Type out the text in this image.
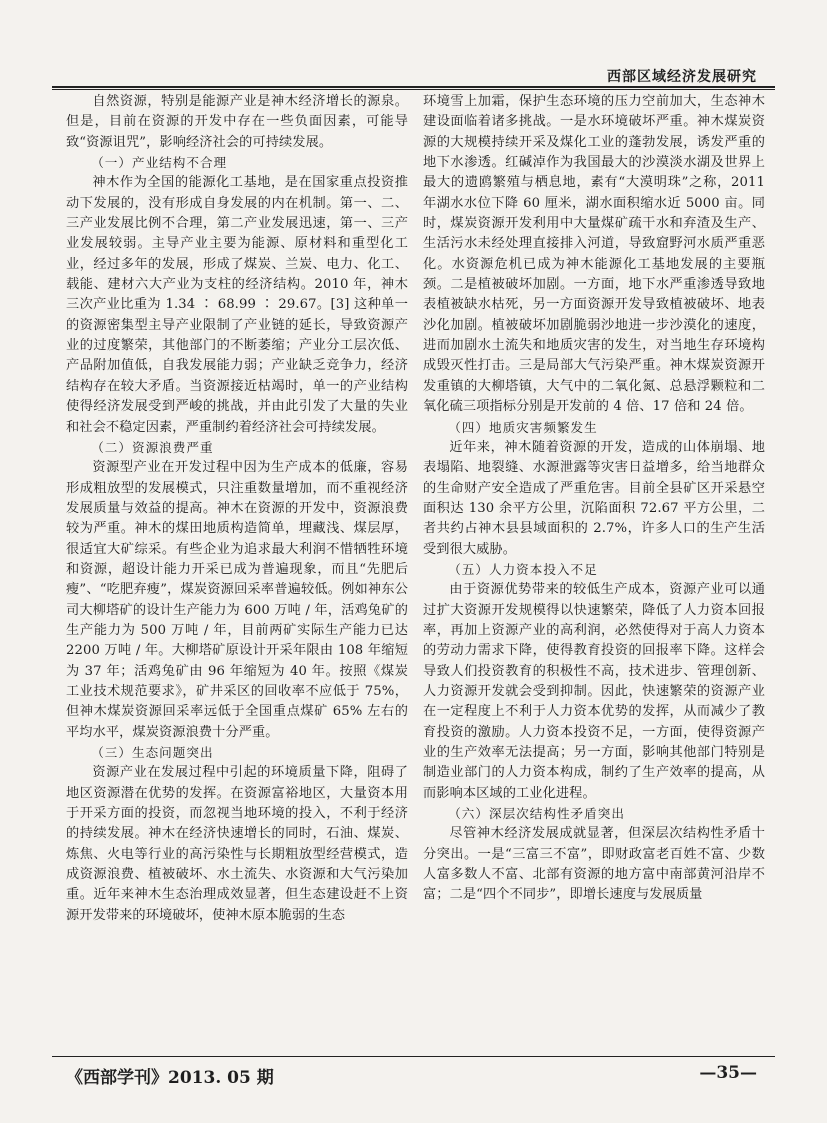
西部区域经济发展研究

自然资源，特别是能源产业是神木经济增长的源泉。但是，目前在资源的开发中存在一些负面因素，可能导致“资源诅咒”，影响经济社会的可持续发展。

（一）产业结构不合理

神木作为全国的能源化工基地，是在国家重点投资推动下发展的，没有形成自身发展的内在机制。第一、二、三产业发展比例不合理，第二产业发展迅速，第一、三产业发展较弱。主导产业主要为能源、原材料和重型化工业，经过多年的发展，形成了煤炭、兰炭、电力、化工、载能、建材六大产业为支柱的经济结构。2010 年，神木三次产业比重为 1.34 ∶ 68.99 ∶ 29.67。[3] 这种单一的资源密集型主导产业限制了产业链的延长，导致资源产业的过度繁荣，其他部门的不断萎缩；产业分工层次低、产品附加值低，自我发展能力弱；产业缺乏竞争力，经济结构存在较大矛盾。当资源接近枯竭时，单一的产业结构使得经济发展受到严峻的挑战，并由此引发了大量的失业和社会不稳定因素，严重制约着经济社会可持续发展。

（二）资源浪费严重

资源型产业在开发过程中因为生产成本的低廉，容易形成粗放型的发展模式，只注重数量增加，而不重视经济发展质量与效益的提高。神木在资源的开发中，资源浪费较为严重。神木的煤田地质构造简单，埋藏浅、煤层厚，很适宜大矿综采。有些企业为追求最大利润不惜牺牲环境和资源，超设计能力开采已成为普遍现象，而且“先肥后瘦”、“吃肥弃瘦”，煤炭资源回采率普遍较低。例如神东公司大柳塔矿的设计生产能力为 600 万吨 / 年，活鸡兔矿的生产能力为 500 万吨 / 年，目前两矿实际生产能力已达 2200 万吨 / 年。大柳塔矿原设计开采年限由 108 年缩短为 37 年；活鸡兔矿由 96 年缩短为 40 年。按照《煤炭工业技术规范要求》，矿井采区的回收率不应低于 75%，但神木煤炭资源回采率远低于全国重点煤矿 65% 左右的平均水平，煤炭资源浪费十分严重。

（三）生态问题突出

资源产业在发展过程中引起的环境质量下降，阻碍了地区资源潜在优势的发挥。在资源富裕地区，大量资本用于开采方面的投资，而忽视当地环境的投入，不利于经济的持续发展。神木在经济快速增长的同时，石油、煤炭、炼焦、火电等行业的高污染性与长期粗放型经营模式，造成资源浪费、植被破坏、水土流失、水资源和大气污染加重。近年来神木生态治理成效显著，但生态建设赶不上资源开发带来的环境破坏，使神木原本脆弱的生态

环境雪上加霜，保护生态环境的压力空前加大，生态神木建设面临着诸多挑战。一是水环境破坏严重。神木煤炭资源的大规模持续开采及煤化工业的蓬勃发展，诱发严重的地下水渗透。红碱淖作为我国最大的沙漠淡水湖及世界上最大的遗鸥繁殖与栖息地，素有“大漠明珠”之称，2011 年湖水水位下降 60 厘米，湖水面积缩水近 5000 亩。同时，煤炭资源开发利用中大量煤矿疏干水和弃渣及生产、生活污水未经处理直接排入河道，导致窟野河水质严重恶化。水资源危机已成为神木能源化工基地发展的主要瓶颈。二是植被破坏加剧。一方面，地下水严重渗透导致地表植被缺水枯死，另一方面资源开发导致植被破坏、地表沙化加剧。植被破坏加剧脆弱沙地进一步沙漠化的速度，进而加剧水土流失和地质灾害的发生，对当地生存环境构成毁灭性打击。三是局部大气污染严重。神木煤炭资源开发重镇的大柳塔镇，大气中的二氧化氮、总悬浮颗粒和二氧化硫三项指标分别是开发前的 4 倍、17 倍和 24 倍。

（四）地质灾害频繁发生

近年来，神木随着资源的开发，造成的山体崩塌、地表塌陷、地裂缝、水源泄露等灾害日益增多，给当地群众的生命财产安全造成了严重危害。目前全县矿区开采悬空面积达 130 余平方公里，沉陷面积 72.67 平方公里，二者共约占神木县县域面积的 2.7%，许多人口的生产生活受到很大威胁。

（五）人力资本投入不足

由于资源优势带来的较低生产成本，资源产业可以通过扩大资源开发规模得以快速繁荣，降低了人力资本回报率，再加上资源产业的高利润，必然使得对于高人力资本的劳动力需求下降，使得教育投资的回报率下降。这样会导致人们投资教育的积极性不高，技术进步、管理创新、人力资源开发就会受到抑制。因此，快速繁荣的资源产业在一定程度上不利于人力资本优势的发挥，从而减少了教育投资的激励。人力资本投资不足，一方面，使得资源产业的生产效率无法提高；另一方面，影响其他部门特别是制造业部门的人力资本构成，制约了生产效率的提高，从而影响本区域的工业化进程。

（六）深层次结构性矛盾突出

尽管神木经济发展成就显著，但深层次结构性矛盾十分突出。一是“三富三不富”，即财政富老百姓不富、少数人富多数人不富、北部有资源的地方富中南部黄河沿岸不富；二是“四个不同步”，即增长速度与发展质量

《西部学刊》2013. 05 期	—35—
